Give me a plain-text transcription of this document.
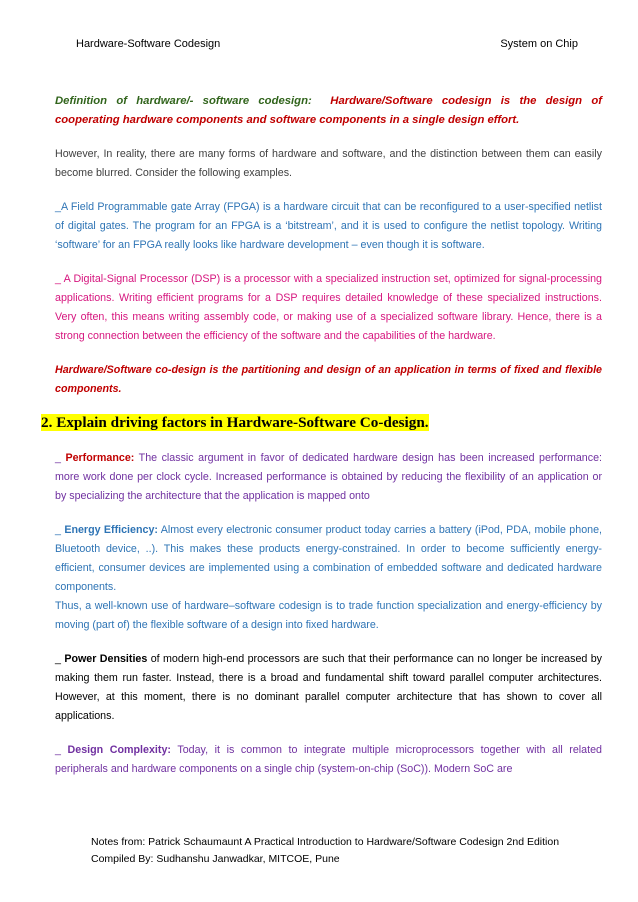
Hardware-Software Codesign	System on Chip

Definition of hardware/- software codesign: Hardware/Software codesign is the design of cooperating hardware components and software components in a single design effort.

However, In reality, there are many forms of hardware and software, and the distinction between them can easily become blurred. Consider the following examples.

_A Field Programmable gate Array (FPGA) is a hardware circuit that can be reconfigured to a user-specified netlist of digital gates. The program for an FPGA is a ‘bitstream’, and it is used to configure the netlist topology. Writing ‘software’ for an FPGA really looks like hardware development – even though it is software.

_ A Digital-Signal Processor (DSP) is a processor with a specialized instruction set, optimized for signal-processing applications. Writing efficient programs for a DSP requires detailed knowledge of these specialized instructions. Very often, this means writing assembly code, or making use of a specialized software library. Hence, there is a strong connection between the efficiency of the software and the capabilities of the hardware.

Hardware/Software co-design is the partitioning and design of an application in terms of fixed and flexible components.

2. Explain driving factors in Hardware-Software Co-design.

_ Performance: The classic argument in favor of dedicated hardware design has been increased performance: more work done per clock cycle. Increased performance is obtained by reducing the flexibility of an application or by specializing the architecture that the application is mapped onto

_ Energy Efficiency: Almost every electronic consumer product today carries a battery (iPod, PDA, mobile phone, Bluetooth device, ..). This makes these products energy-constrained. In order to become sufficiently energy-efficient, consumer devices are implemented using a combination of embedded software and dedicated hardware components.

Thus, a well-known use of hardware–software codesign is to trade function specialization and energy-efficiency by moving (part of) the flexible software of a design into fixed hardware.

_ Power Densities of modern high-end processors are such that their performance can no longer be increased by making them run faster. Instead, there is a broad and fundamental shift toward parallel computer architectures. However, at this moment, there is no dominant parallel computer architecture that has shown to cover all applications.

_ Design Complexity: Today, it is common to integrate multiple microprocessors together with all related peripherals and hardware components on a single chip (system-on-chip (SoC)). Modern SoC are

Notes from: Patrick Schaumaunt A Practical Introduction to Hardware/Software Codesign 2nd Edition
Compiled By: Sudhanshu Janwadkar, MITCOE, Pune
